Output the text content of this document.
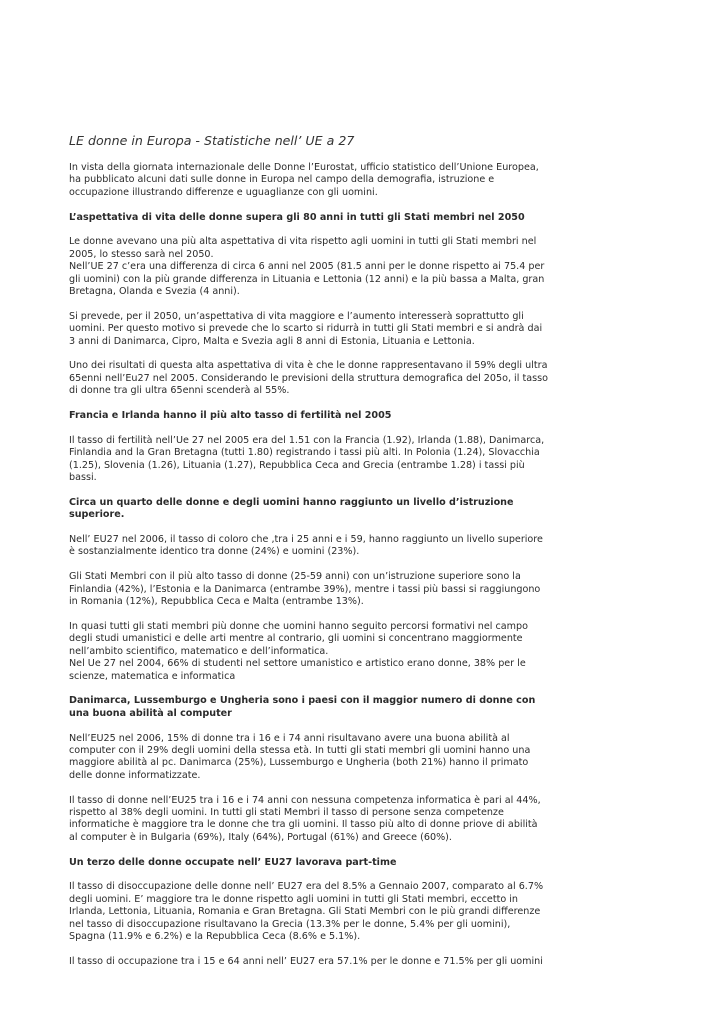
LE donne in Europa - Statistiche nell’ UE a 27

In vista della giornata internazionale delle Donne l’Eurostat, ufficio statistico dell’Unione Europea, ha pubblicato alcuni dati sulle donne in Europa nel campo della demografia, istruzione e occupazione illustrando differenze e uguaglianze con gli uomini.

L’aspettativa di vita delle donne supera gli 80 anni in tutti gli Stati membri nel 2050

Le donne avevano una più alta aspettativa di vita rispetto agli uomini in tutti gli Stati membri nel 2005, lo stesso sarà nel 2050.
Nell’UE 27 c’era una differenza di circa 6 anni nel 2005 (81.5 anni per le donne rispetto ai 75.4 per gli uomini) con la più grande differenza in Lituania e Lettonia (12 anni) e la più bassa a Malta, gran Bretagna, Olanda e Svezia (4 anni).

Si prevede, per il 2050, un’aspettativa di vita maggiore e l’aumento interesserà soprattutto gli uomini. Per questo motivo si prevede che lo scarto si ridurrà in tutti gli Stati membri e si andrà dai 3 anni di Danimarca, Cipro, Malta e Svezia agli 8 anni di Estonia, Lituania e Lettonia.

Uno dei risultati di questa alta aspettativa di vita è che le donne rappresentavano il 59% degli ultra 65enni nell’Eu27 nel 2005. Considerando le previsioni della struttura demografica del 205o, il tasso di donne tra gli ultra 65enni scenderà al 55%.

Francia e Irlanda hanno il più alto tasso di fertilità nel 2005

Il tasso di fertilità nell’Ue 27 nel 2005 era del 1.51 con la Francia (1.92), Irlanda (1.88), Danimarca, Finlandia and la Gran Bretagna (tutti 1.80) registrando i tassi più alti. In Polonia (1.24), Slovacchia (1.25), Slovenia (1.26), Lituania (1.27), Repubblica Ceca and Grecia (entrambe 1.28) i tassi più bassi.

Circa un quarto delle donne e degli uomini hanno raggiunto un livello d’istruzione superiore.

Nell’ EU27 nel 2006, il tasso di coloro che ,tra i 25 anni e i 59, hanno raggiunto un livello superiore è sostanzialmente identico tra donne (24%) e uomini (23%).

Gli Stati Membri con il più alto tasso di donne (25-59 anni) con un’istruzione superiore sono la Finlandia (42%), l’Estonia e la Danimarca (entrambe 39%), mentre i tassi più bassi si raggiungono in Romania (12%), Repubblica Ceca e Malta (entrambe 13%).

In quasi tutti gli stati membri più donne che uomini hanno seguito percorsi formativi nel campo degli studi umanistici e delle arti mentre al contrario, gli uomini si concentrano maggiormente nell’ambito scientifico, matematico e dell’informatica.
Nel Ue 27 nel 2004, 66% di studenti nel settore umanistico e artistico erano donne, 38% per le scienze, matematica e informatica

Danimarca, Lussemburgo e Ungheria sono i paesi con il maggior numero di donne con una buona abilità al computer

Nell’EU25 nel 2006, 15% di donne tra i 16 e i 74 anni risultavano avere una buona abilità al computer con il 29% degli uomini della stessa età. In tutti gli stati membri gli uomini hanno una maggiore abilità al pc. Danimarca (25%), Lussemburgo e Ungheria (both 21%) hanno il primato delle donne informatizzate.

Il tasso di donne nell’EU25 tra i 16 e i 74 anni con nessuna competenza informatica è pari al 44%, rispetto al 38% degli uomini. In tutti gli stati Membri il tasso di persone senza competenze informatiche è maggiore tra le donne che tra gli uomini. Il tasso più alto di donne priove di abilità al computer è in Bulgaria (69%), Italy (64%), Portugal (61%) and Greece (60%).

Un terzo delle donne occupate nell’ EU27 lavorava part-time

Il tasso di disoccupazione delle donne nell’ EU27 era del 8.5% a Gennaio 2007, comparato al 6.7% degli uomini. E’ maggiore tra le donne rispetto agli uomini in tutti gli Stati membri, eccetto in Irlanda, Lettonia, Lituania, Romania e Gran Bretagna. Gli Stati Membri con le più grandi differenze nel tasso di disoccupazione risultavano la Grecia (13.3% per le donne, 5.4% per gli uomini), Spagna (11.9% e 6.2%) e la Repubblica Ceca (8.6% e 5.1%).

Il tasso di occupazione tra i 15 e 64 anni nell’ EU27 era 57.1% per le donne e 71.5% per gli uomini
